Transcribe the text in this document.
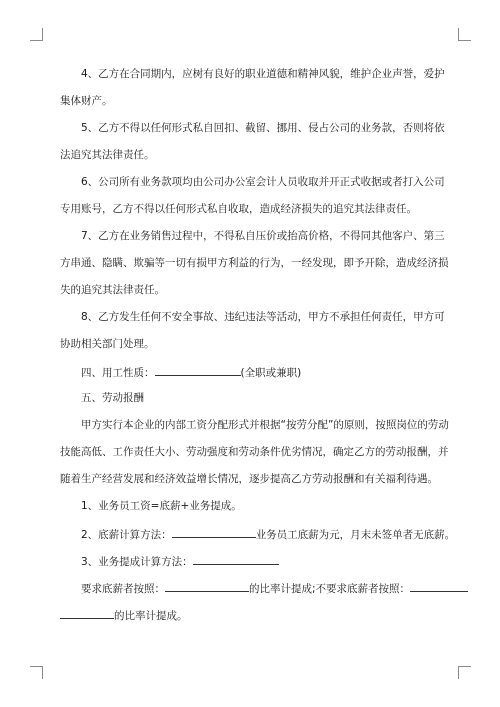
4、乙方在合同期内，应树有良好的职业道德和精神风貌，维护企业声誉，爱护
集体财产。
5、乙方不得以任何形式私自回扣、截留、挪用、侵占公司的业务款，否则将依
法追究其法律责任。
6、公司所有业务款项均由公司办公室会计人员收取并开正式收据或者打入公司
专用账号，乙方不得以任何形式私自收取，造成经济损失的追究其法律责任。
7、乙方在业务销售过程中，不得私自压价或抬高价格，不得同其他客户、第三
方串通、隐瞒、欺骗等一切有损甲方利益的行为，一经发现，即予开除，造成经济损
失的追究其法律责任。
8、乙方发生任何不安全事故、违纪违法等活动，甲方不承担任何责任，甲方可
协助相关部门处理。
四、用工性质：	(全职或兼职)
五、劳动报酬
甲方实行本企业的内部工资分配形式并根据“按劳分配”的原则，按照岗位的劳动
技能高低、工作责任大小、劳动强度和劳动条件优劣情况，确定乙方的劳动报酬，并
随着生产经营发展和经济效益增长情况，逐步提高乙方劳动报酬和有关福利待遇。
1、业务员工资=底薪+业务提成。
2、底薪计算方法：	业务员工底薪为元，月末未签单者无底薪。
3、业务提成计算方法：
要求底薪者按照：	的比率计提成;不要求底薪者按照：
的比率计提成。
